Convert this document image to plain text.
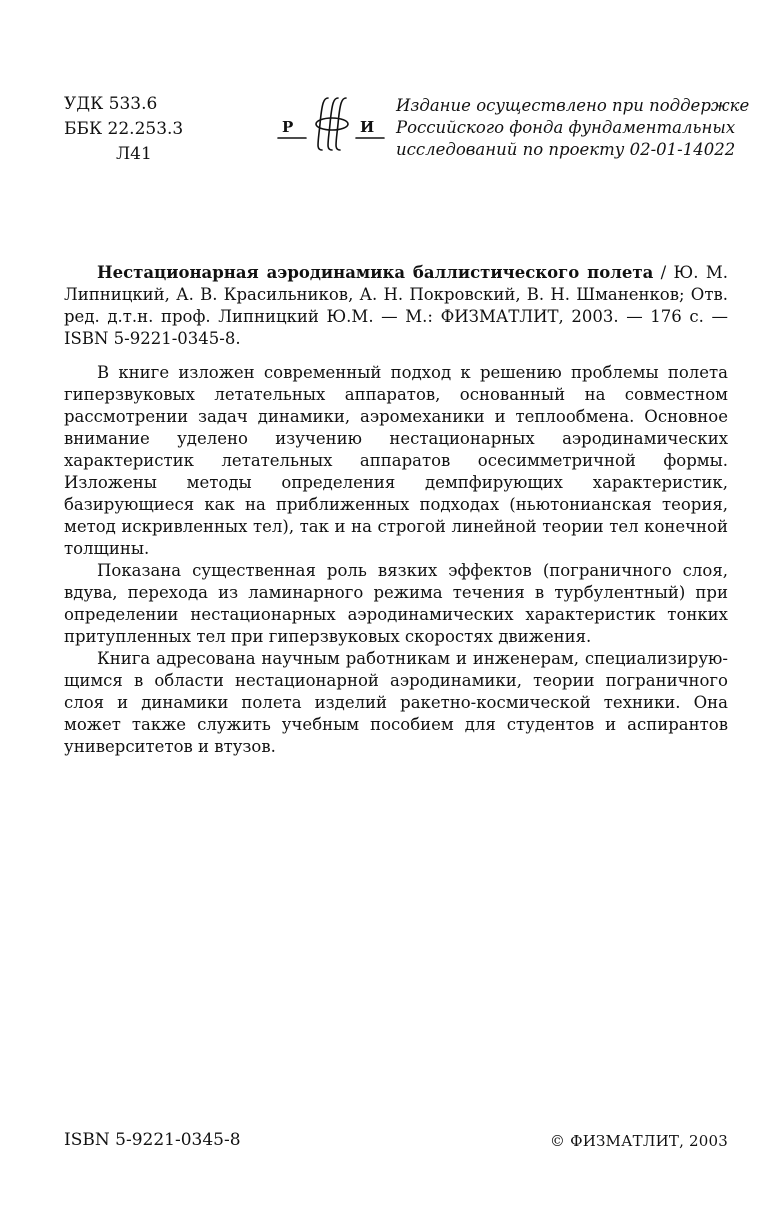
УДК 533.6
ББК 22.253.3
Л41
Р	И
Издание осуществлено при поддержке
Российского фонда фундаментальных
исследований по проекту 02-01-14022

Нестационарная аэродинамика баллистического полета / Ю. М. Липницкий, А. В. Красильников, А. Н. Покровский, В. Н. Шманенков; Отв. ред. д.т.н. проф. Липницкий Ю.М. — М.: ФИЗМАТЛИТ, 2003. — 176 с. — ISBN 5-9221-0345-8.

В книге изложен современный подход к решению проблемы полета гиперзвуковых летательных аппаратов, основанный на совместном рассмотрении задач динамики, аэромеханики и теплообмена. Основное внимание уделено изучению нестационарных аэродинамических характеристик летательных аппаратов осесимметричной формы. Изложены методы определения демпфирующих характеристик, базирующиеся как на приближенных подходах (ньютонианская теория, метод искривленных тел), так и на строгой линейной теории тел конечной толщины.

Показана существенная роль вязких эффектов (пограничного слоя, вдува, перехода из ламинарного режима течения в турбулентный) при определении нестационарных аэродинамических характеристик тонких притупленных тел при гиперзвуковых скоростях движения.

Книга адресована научным работникам и инженерам, специализирующимся в области нестационарной аэродинамики, теории пограничного слоя и динамики полета изделий ракетно-космической техники. Она может также служить учебным пособием для студентов и аспирантов университетов и втузов.

ISBN 5-9221-0345-8	© ФИЗМАТЛИТ, 2003
